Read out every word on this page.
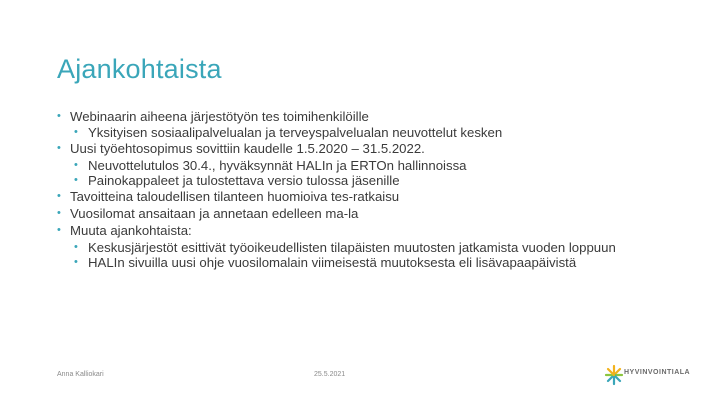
Ajankohtaista
• Webinaarin aiheena järjestötyön tes toimihenkilöille
• Yksityisen sosiaalipalvelualan ja terveyspalvelualan neuvottelut kesken
• Uusi työehtosopimus sovittiin kaudelle 1.5.2020 – 31.5.2022.
• Neuvottelutulos 30.4., hyväksynnät HALIn ja ERTOn hallinnoissa
• Painokappaleet ja tulostettava versio tulossa jäsenille
• Tavoitteina taloudellisen tilanteen huomioiva tes-ratkaisu
• Vuosilomat ansaitaan ja annetaan edelleen ma-la
• Muuta ajankohtaista:
• Keskusjärjestöt esittivät työoikeudellisten tilapäisten muutosten jatkamista vuoden loppuun
• HALIn sivuilla uusi ohje vuosilomalain viimeisestä muutoksesta eli lisävapaapäivistä
Anna Kalliokari	25.5.2021	HYVINVOINTIALA
